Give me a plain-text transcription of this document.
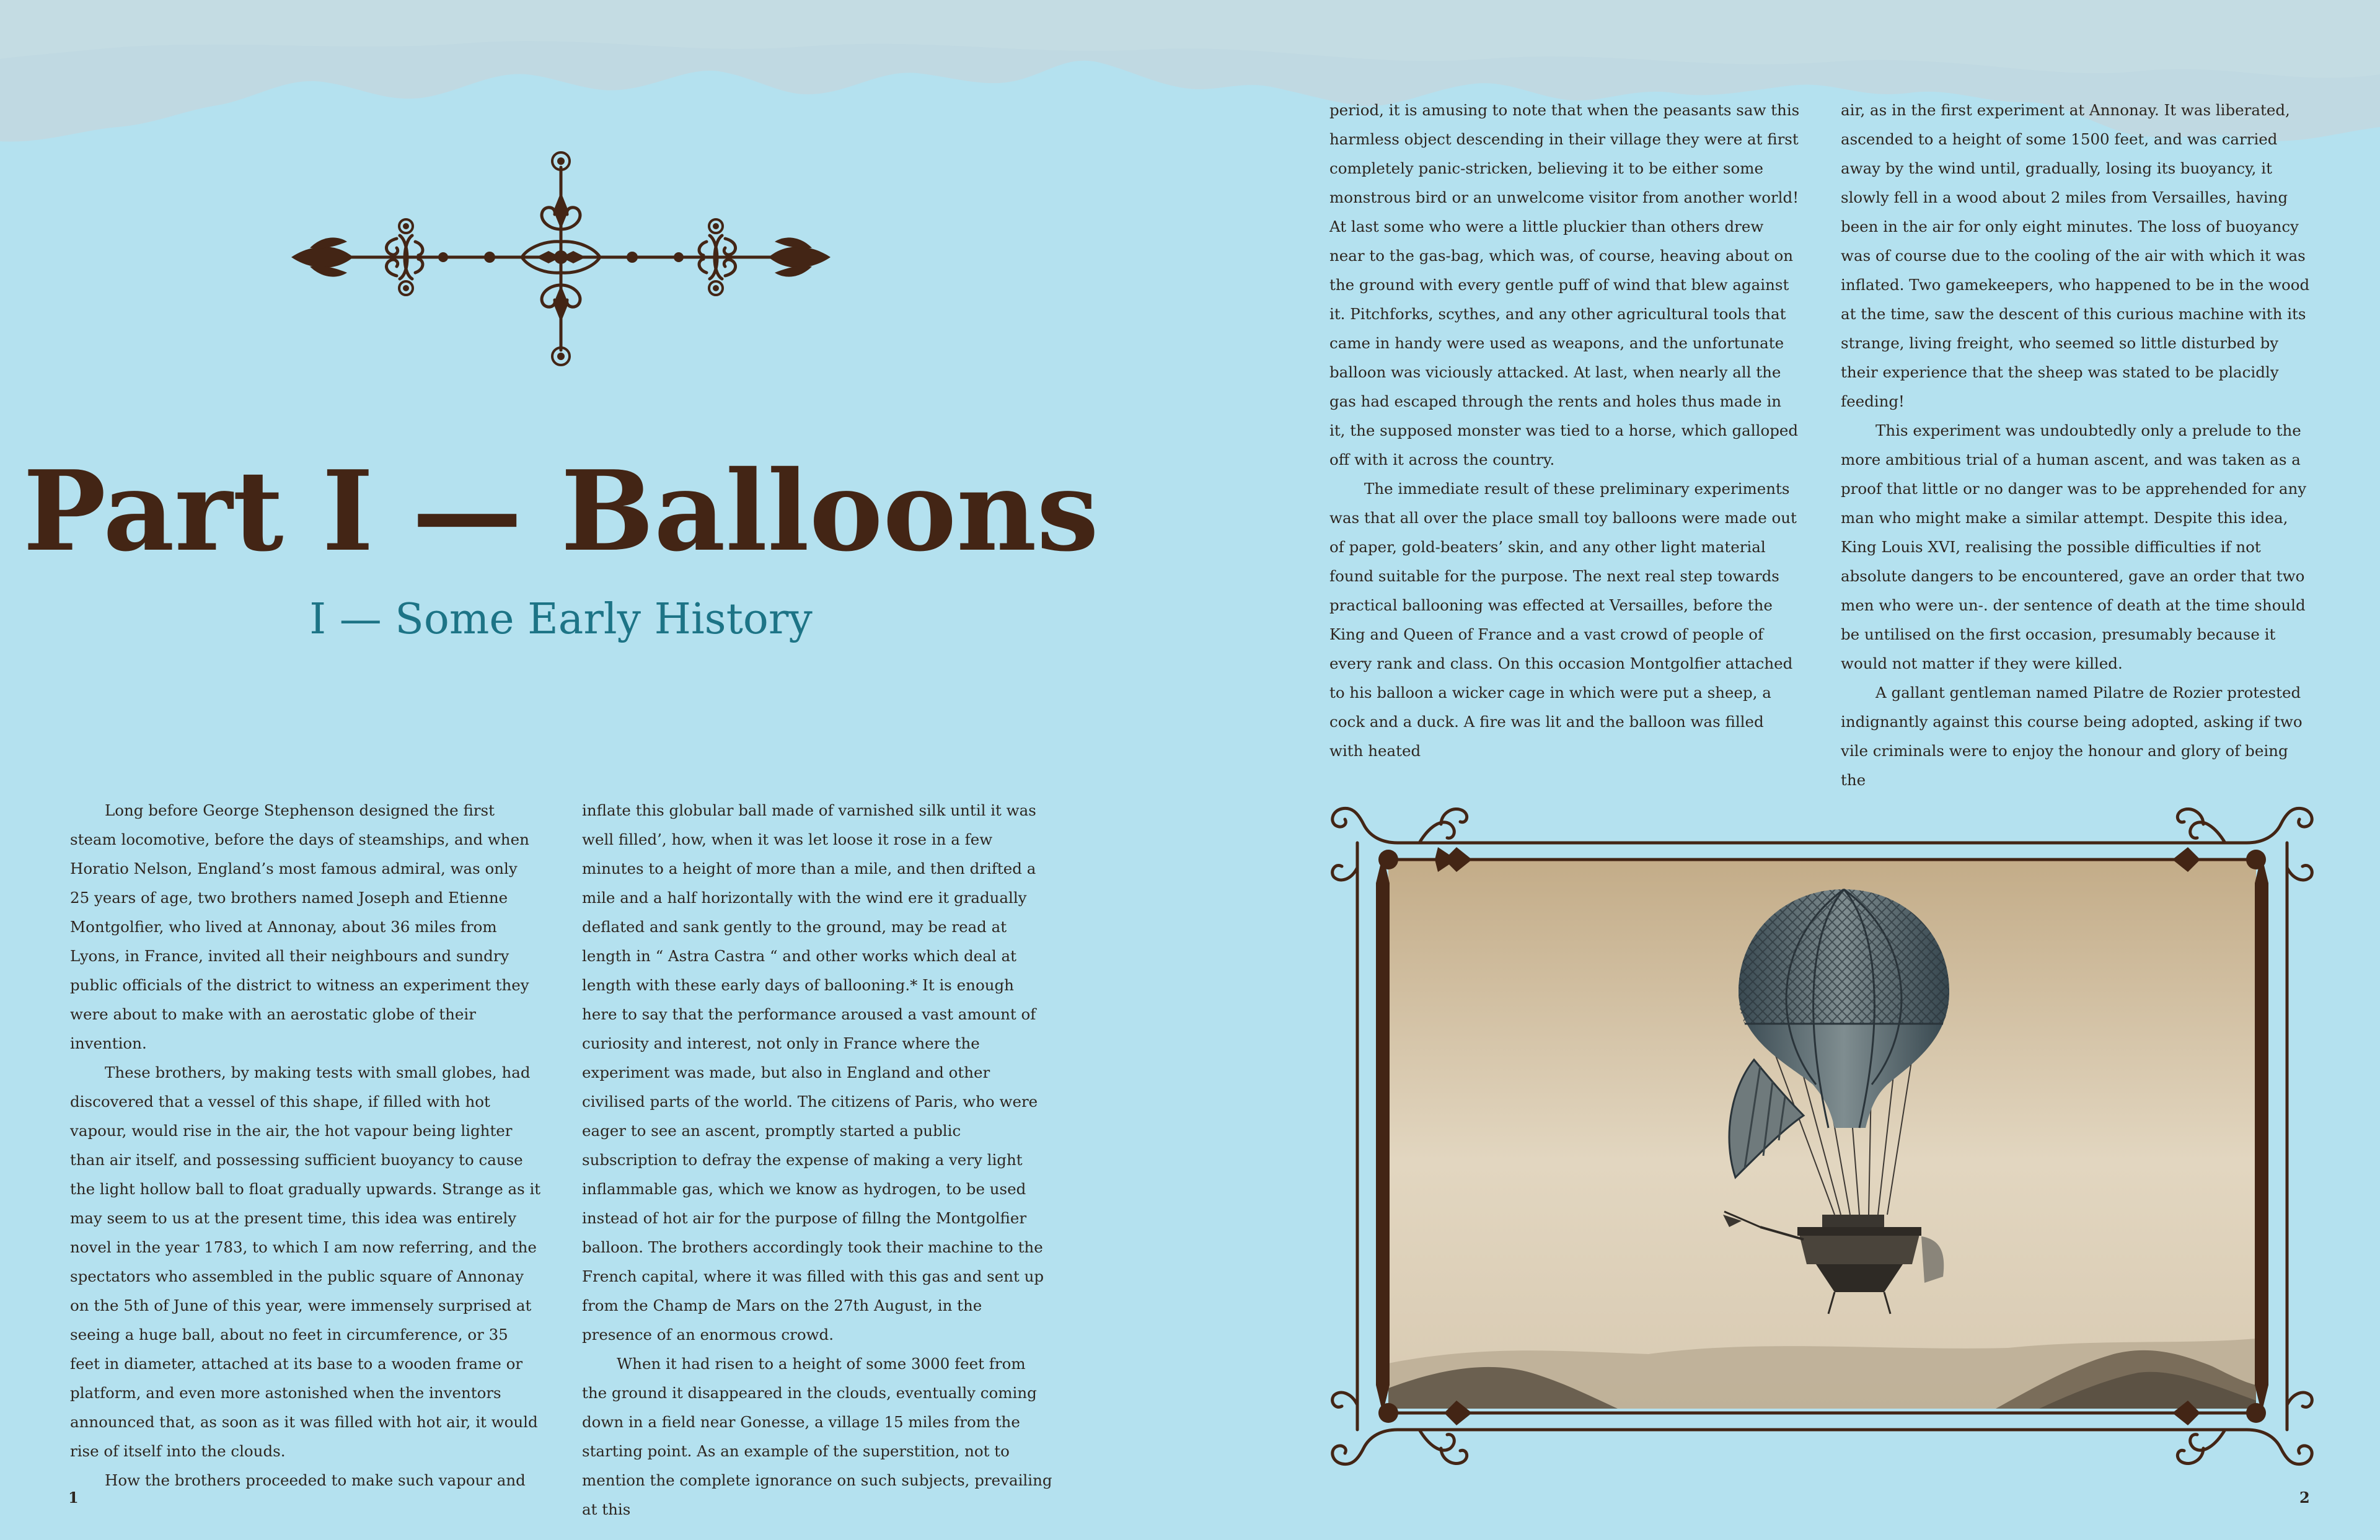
Part I — Balloons
I — Some Early History

Long before George Stephenson designed the first steam locomotive, before the days of steamships, and when Horatio Nelson, England’s most famous admiral, was only 25 years of age, two brothers named Joseph and Etienne Montgolfier, who lived at Annonay, about 36 miles from Lyons, in France, invited all their neighbours and sundry public officials of the district to witness an experiment they were about to make with an aerostatic globe of their invention.

These brothers, by making tests with small globes, had discovered that a vessel of this shape, if filled with hot vapour, would rise in the air, the hot vapour being lighter than air itself, and possessing sufficient buoyancy to cause the light hollow ball to float gradually upwards. Strange as it may seem to us at the present time, this idea was entirely novel in the year 1783, to which I am now referring, and the spectators who assembled in the public square of Annonay on the 5th of June of this year, were immensely surprised at seeing a huge ball, about no feet in circumference, or 35 feet in diameter, attached at its base to a wooden frame or platform, and even more astonished when the inventors announced that, as soon as it was filled with hot air, it would rise of itself into the clouds.

How the brothers proceeded to make such vapour and

inflate this globular ball made of varnished silk until it was well filled’, how, when it was let loose it rose in a few minutes to a height of more than a mile, and then drifted a mile and a half horizontally with the wind ere it gradually deflated and sank gently to the ground, may be read at length in “ Astra Castra “ and other works which deal at length with these early days of ballooning.* It is enough here to say that the performance aroused a vast amount of curiosity and interest, not only in France where the experiment was made, but also in England and other civilised parts of the world. The citizens of Paris, who were eager to see an ascent, promptly started a public subscription to defray the expense of making a very light inflammable gas, which we know as hydrogen, to be used instead of hot air for the purpose of fillng the Montgolfier balloon. The brothers accordingly took their machine to the French capital, where it was filled with this gas and sent up from the Champ de Mars on the 27th August, in the presence of an enormous crowd.

When it had risen to a height of some 3000 feet from the ground it disappeared in the clouds, eventually coming down in a field near Gonesse, a village 15 miles from the starting point. As an example of the superstition, not to mention the complete ignorance on such subjects, prevailing at this

period, it is amusing to note that when the peasants saw this harmless object descending in their village they were at first completely panic-stricken, believing it to be either some monstrous bird or an unwelcome visitor from another world! At last some who were a little pluckier than others drew near to the gas-bag, which was, of course, heaving about on the ground with every gentle puff of wind that blew against it. Pitchforks, scythes, and any other agricultural tools that came in handy were used as weapons, and the unfortunate balloon was viciously attacked. At last, when nearly all the gas had escaped through the rents and holes thus made in it, the supposed monster was tied to a horse, which galloped off with it across the country.

The immediate result of these preliminary experiments was that all over the place small toy balloons were made out of paper, gold-beaters’ skin, and any other light material found suitable for the purpose. The next real step towards practical ballooning was effected at Versailles, before the King and Queen of France and a vast crowd of people of every rank and class. On this occasion Montgolfier attached to his balloon a wicker cage in which were put a sheep, a cock and a duck. A fire was lit and the balloon was filled with heated

air, as in the first experiment at Annonay. It was liberated, ascended to a height of some 1500 feet, and was carried away by the wind until, gradually, losing its buoyancy, it slowly fell in a wood about 2 miles from Versailles, having been in the air for only eight minutes. The loss of buoyancy was of course due to the cooling of the air with which it was inflated. Two gamekeepers, who happened to be in the wood at the time, saw the descent of this curious machine with its strange, living freight, who seemed so little disturbed by their experience that the sheep was stated to be placidly feeding!

This experiment was undoubtedly only a prelude to the more ambitious trial of a human ascent, and was taken as a proof that little or no danger was to be apprehended for any man who might make a similar attempt. Despite this idea, King Louis XVI, realising the possible difficulties if not absolute dangers to be encountered, gave an order that two men who were un-. der sentence of death at the time should be untilised on the first occasion, presumably because it would not matter if they were killed.

A gallant gentleman named Pilatre de Rozier protested indignantly against this course being adopted, asking if two vile criminals were to enjoy the honour and glory of being the

1	2
